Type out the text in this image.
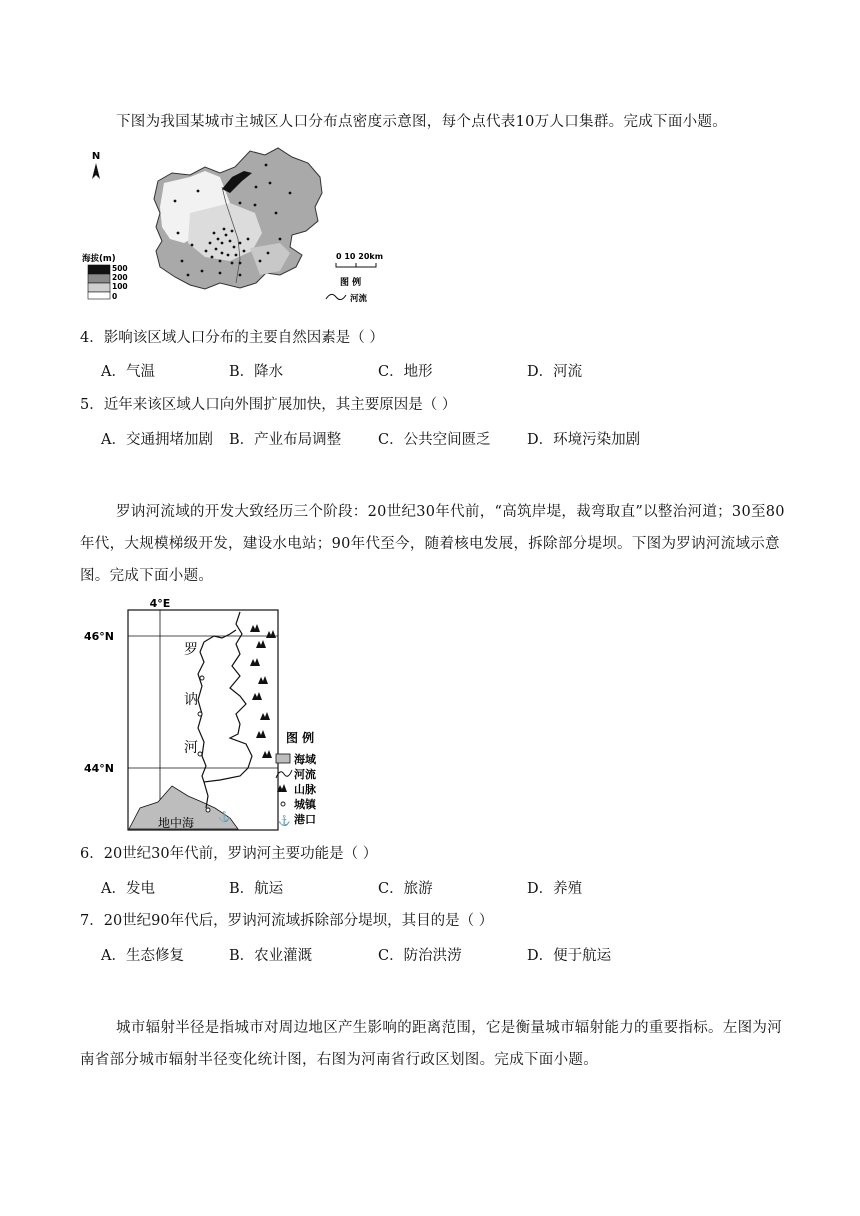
下图为我国某城市主城区人口分布点密度示意图，每个点代表10万人口集群。完成下面小题。

N
海拔(m)
500
200
100
0
0 10 20km
图 例
河流

4．影响该区域人口分布的主要自然因素是（ ）

A．气温	B．降水	C．地形	D．河流

5．近年来该区域人口向外围扩展加快，其主要原因是（ ）

A．交通拥堵加剧 B．产业布局调整	C．公共空间匮乏	D．环境污染加剧

罗讷河流域的开发大致经历三个阶段：20世纪30年代前，“高筑岸堤，裁弯取直”以整治河道；30至80年代，大规模梯级开发，建设水电站；90年代至今，随着核电发展，拆除部分堤坝。下图为罗讷河流域示意图。完成下面小题。

4°E
46°N
44°N
地中海
罗
讷
河
⚓
图 例
海域
河流
山脉
城镇
⚓ 港口

6．20世纪30年代前，罗讷河主要功能是（ ）

A．发电	B．航运	C．旅游	D．养殖

7．20世纪90年代后，罗讷河流域拆除部分堤坝，其目的是（ ）

A．生态修复	B．农业灌溉	C．防治洪涝	D．便于航运

城市辐射半径是指城市对周边地区产生影响的距离范围，它是衡量城市辐射能力的重要指标。左图为河南省部分城市辐射半径变化统计图，右图为河南省行政区划图。完成下面小题。
